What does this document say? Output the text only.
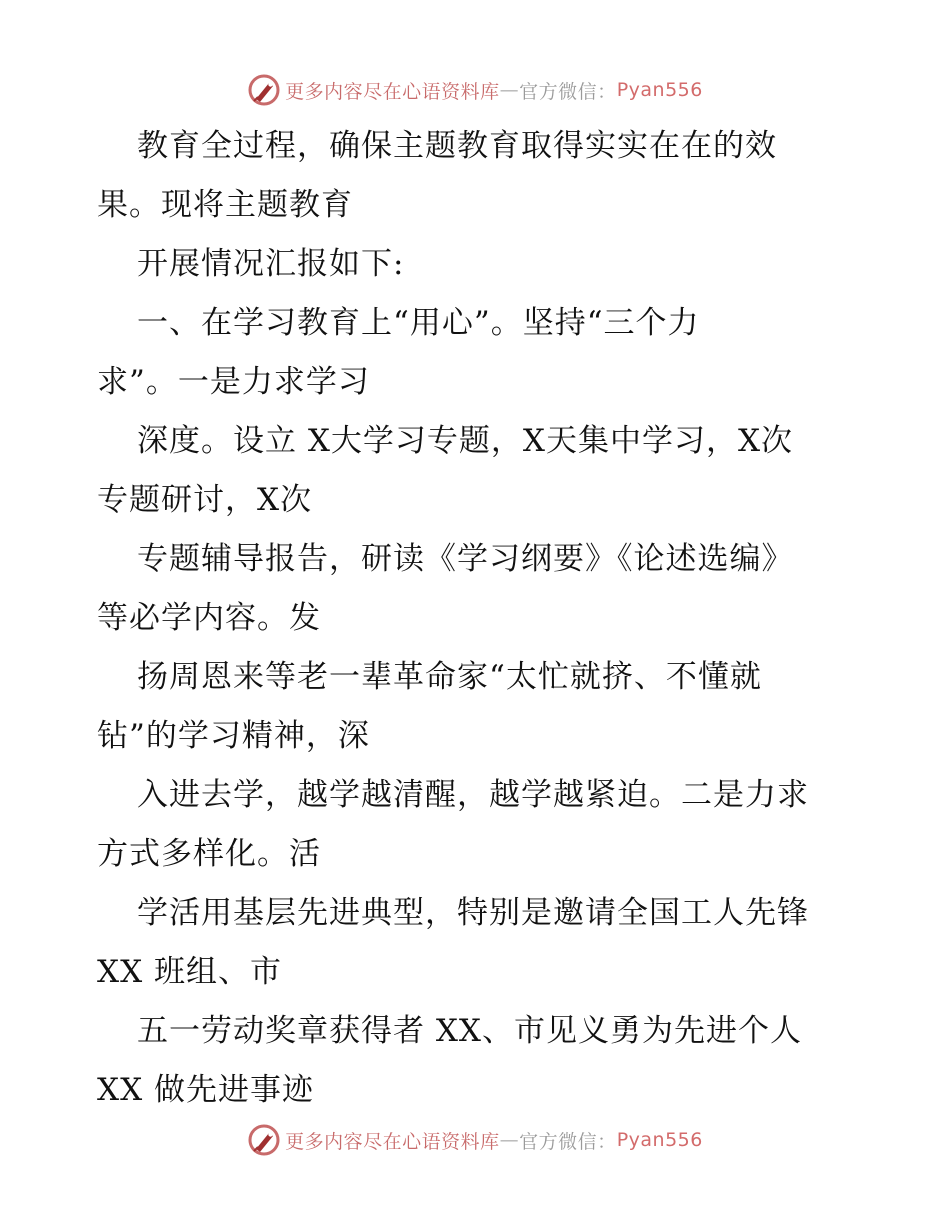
更多内容尽在心语资料库 — 官方微信： Pyan556
教育全过程，确保主题教育取得实实在在的效
果。现将主题教育
开展情况汇报如下:
一、在学习教育上“用心”。坚持“三个力
求”。一是力求学习
深度。设立 X大学习专题，X天集中学习，X次
专题研讨，X次
专题辅导报告，研读《学习纲要》《论述选编》
等必学内容。发
扬周恩来等老一辈革命家“太忙就挤、不懂就
钻”的学习精神，深
入进去学，越学越清醒，越学越紧迫。二是力求
方式多样化。活
学活用基层先进典型，特别是邀请全国工人先锋
XX 班组、市
五一劳动奖章获得者 XX、市见义勇为先进个人
XX 做先进事迹
更多内容尽在心语资料库 — 官方微信： Pyan556
